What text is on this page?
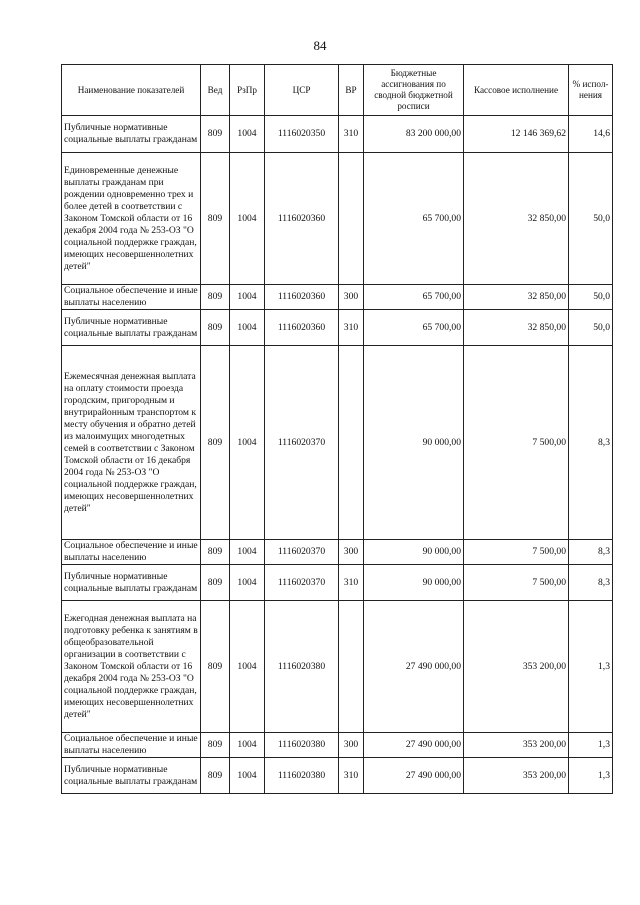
84
Наименование показателей	Вед	РзПр	ЦСР	ВР	Бюджетные ассигнования по сводной бюджетной росписи	Кассовое исполнение	% испол-нения
Публичные нормативные социальные выплаты гражданам	809	1004	1116020350	310	83 200 000,00	12 146 369,62	14,6
Единовременные денежные выплаты гражданам при рождении одновременно трех и более детей в соответствии с Законом Томской области от 16 декабря 2004 года № 253-ОЗ "О социальной поддержке граждан, имеющих несовершеннолетних детей"	809	1004	1116020360		65 700,00	32 850,00	50,0
Социальное обеспечение и иные выплаты населению	809	1004	1116020360	300	65 700,00	32 850,00	50,0
Публичные нормативные социальные выплаты гражданам	809	1004	1116020360	310	65 700,00	32 850,00	50,0
Ежемесячная денежная выплата на оплату стоимости проезда городским, пригородным и внутрирайонным транспортом к месту обучения и обратно детей из малоимущих многодетных семей в соответствии с Законом Томской области от 16 декабря 2004 года № 253-ОЗ "О социальной поддержке граждан, имеющих несовершеннолетних детей"	809	1004	1116020370		90 000,00	7 500,00	8,3
Социальное обеспечение и иные выплаты населению	809	1004	1116020370	300	90 000,00	7 500,00	8,3
Публичные нормативные социальные выплаты гражданам	809	1004	1116020370	310	90 000,00	7 500,00	8,3
Ежегодная денежная выплата на подготовку ребенка к занятиям в общеобразовательной организации в соответствии с Законом Томской области от 16 декабря 2004 года № 253-ОЗ "О социальной поддержке граждан, имеющих несовершеннолетних детей"	809	1004	1116020380		27 490 000,00	353 200,00	1,3
Социальное обеспечение и иные выплаты населению	809	1004	1116020380	300	27 490 000,00	353 200,00	1,3
Публичные нормативные социальные выплаты гражданам	809	1004	1116020380	310	27 490 000,00	353 200,00	1,3
